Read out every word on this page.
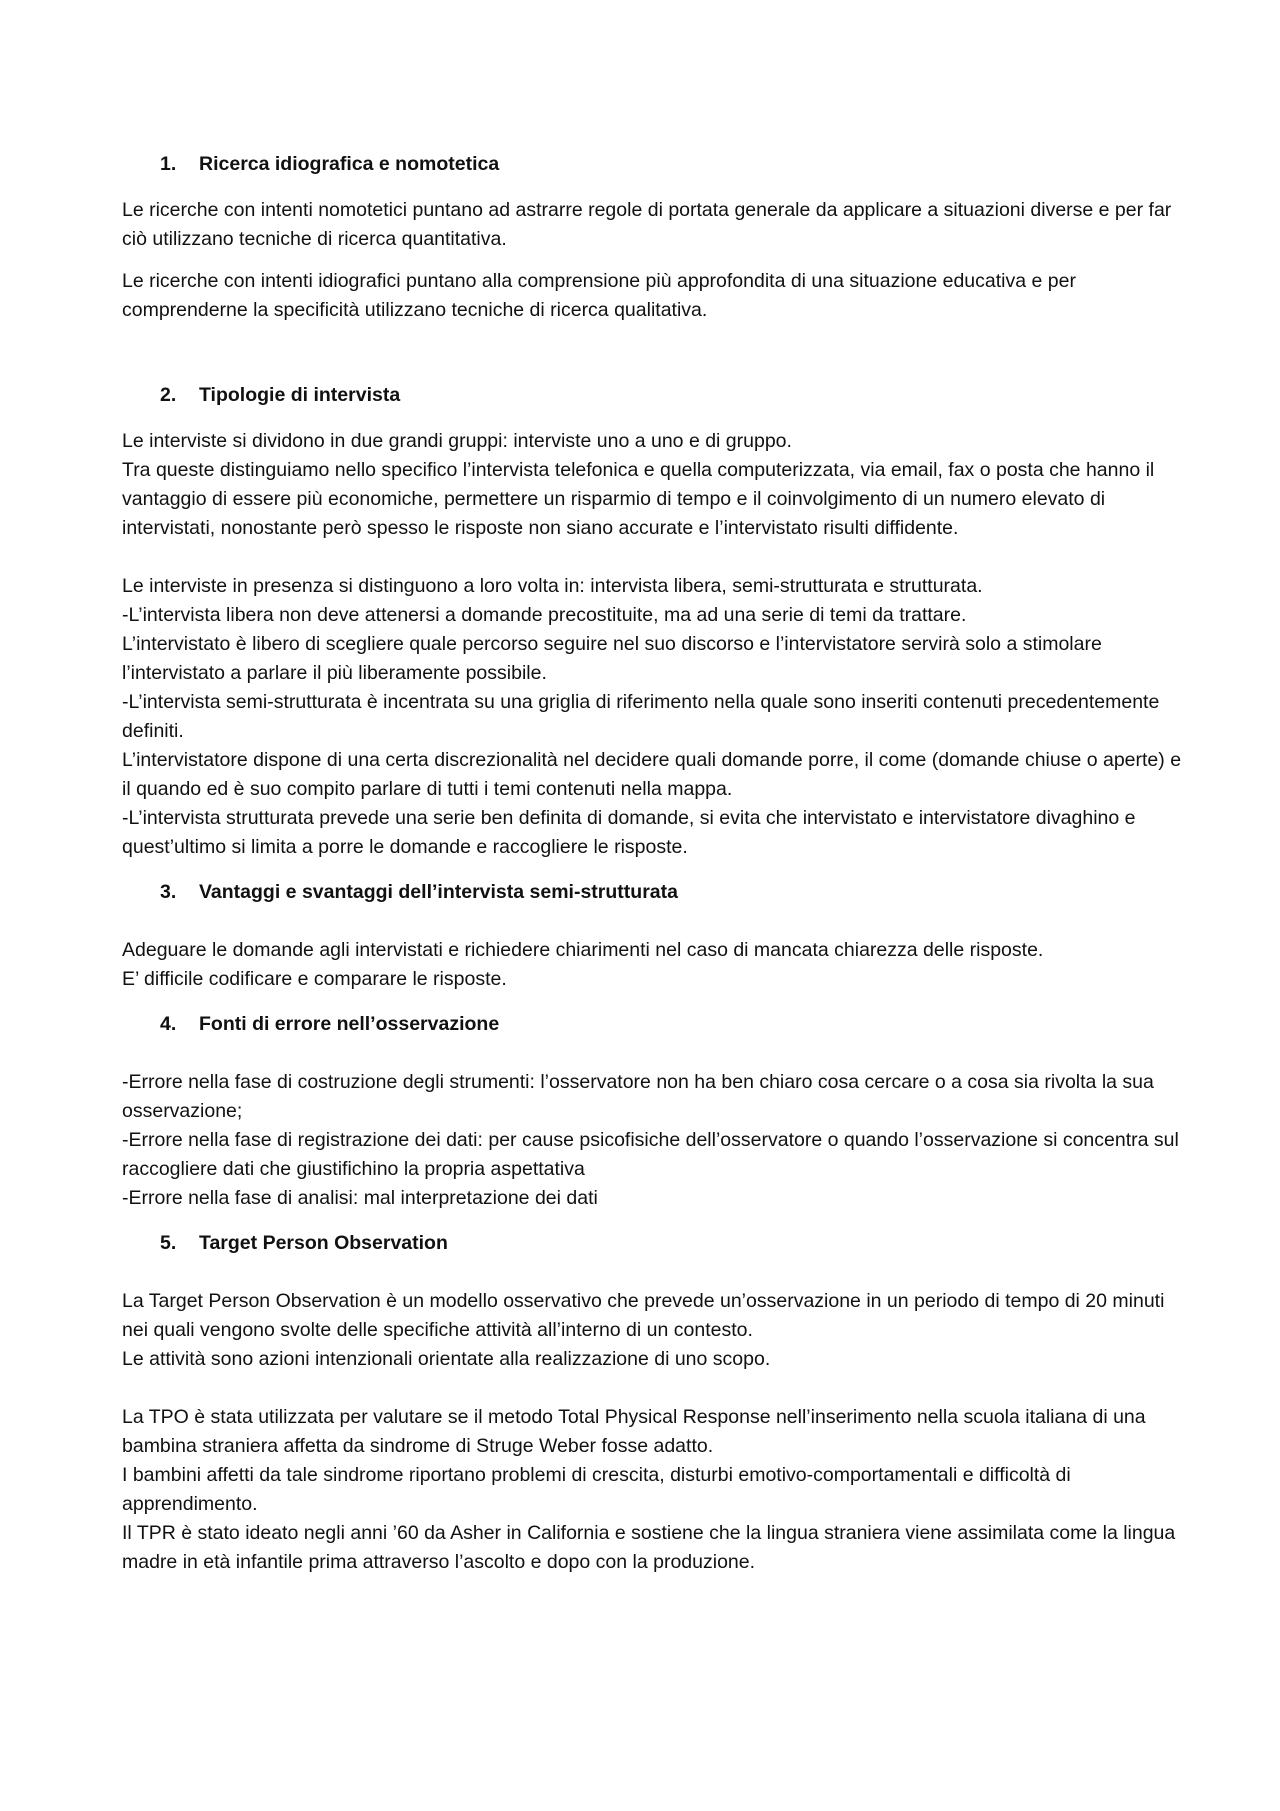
1.	Ricerca idiografica e nomotetica

Le ricerche con intenti nomotetici puntano ad astrarre regole di portata generale da applicare a situazioni diverse e per far ciò utilizzano tecniche di ricerca quantitativa.

Le ricerche con intenti idiografici puntano alla comprensione più approfondita di una situazione educativa e per comprenderne la specificità utilizzano tecniche di ricerca qualitativa.

2.	Tipologie di intervista

Le interviste si dividono in due grandi gruppi: interviste uno a uno e di gruppo.
Tra queste distinguiamo nello specifico l’intervista telefonica e quella computerizzata, via email, fax o posta che hanno il vantaggio di essere più economiche, permettere un risparmio di tempo e il coinvolgimento di un numero elevato di intervistati, nonostante però spesso le risposte non siano accurate e l’intervistato risulti diffidente.

Le interviste in presenza si distinguono a loro volta in: intervista libera, semi-strutturata e strutturata.
-L’intervista libera non deve attenersi a domande precostituite, ma ad una serie di temi da trattare.
L’intervistato è libero di scegliere quale percorso seguire nel suo discorso e l’intervistatore servirà solo a stimolare l’intervistato a parlare il più liberamente possibile.
-L’intervista semi-strutturata è incentrata su una griglia di riferimento nella quale sono inseriti contenuti precedentemente definiti.
L’intervistatore dispone di una certa discrezionalità nel decidere quali domande porre, il come (domande chiuse o aperte) e il quando ed è suo compito parlare di tutti i temi contenuti nella mappa.
-L’intervista strutturata prevede una serie ben definita di domande, si evita che intervistato e intervistatore divaghino e quest’ultimo si limita a porre le domande e raccogliere le risposte.

3.	Vantaggi e svantaggi dell’intervista semi-strutturata

Adeguare le domande agli intervistati e richiedere chiarimenti nel caso di mancata chiarezza delle risposte.
E’ difficile codificare e comparare le risposte.

4.	Fonti di errore nell’osservazione

-Errore nella fase di costruzione degli strumenti: l’osservatore non ha ben chiaro cosa cercare o a cosa sia rivolta la sua osservazione;
-Errore nella fase di registrazione dei dati: per cause psicofisiche dell’osservatore o quando l’osservazione si concentra sul raccogliere dati che giustifichino la propria aspettativa
-Errore nella fase di analisi: mal interpretazione dei dati

5.	Target Person Observation

La Target Person Observation è un modello osservativo che prevede un’osservazione in un periodo di tempo di 20 minuti nei quali vengono svolte delle specifiche attività all’interno di un contesto.
Le attività sono azioni intenzionali orientate alla realizzazione di uno scopo.

La TPO è stata utilizzata per valutare se il metodo Total Physical Response nell’inserimento nella scuola italiana di una bambina straniera affetta da sindrome di Struge Weber fosse adatto.
I bambini affetti da tale sindrome riportano problemi di crescita, disturbi emotivo-comportamentali e difficoltà di apprendimento.
Il TPR è stato ideato negli anni ’60 da Asher in California e sostiene che la lingua straniera viene assimilata come la lingua madre in età infantile prima attraverso l’ascolto e dopo con la produzione.
